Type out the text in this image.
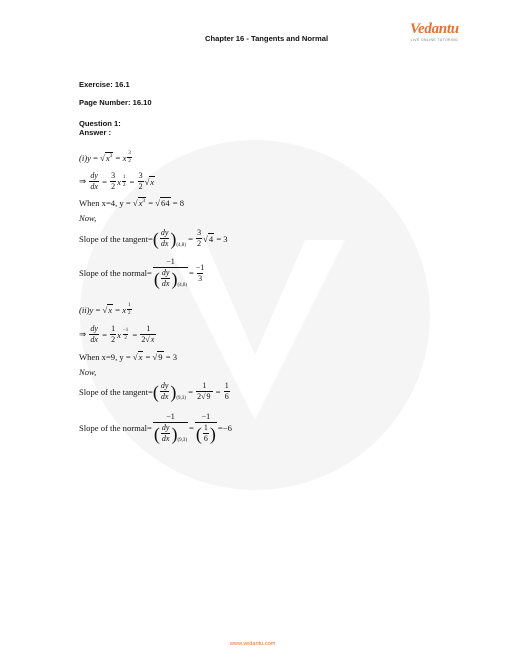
Chapter 16 - Tangents and Normal
Vedantu
LIVE ONLINE TUTORING
Exercise: 16.1
Page Number: 16.10
Question 1:
Answer :
(i) y = √ $x^3 = x \frac{3}{2}$
⇒
$\frac{dy}{dx} = \frac{3}{2}$ x $\frac{1}{2} = \frac{3}{2}$ √ x
When x=4, $y = √x^3 = √64 = 8$
Now,
Slope of the tangent= ( $\frac{dy}{dx}$ ) (4,8)
= $\frac{3}{2}$ √ 4
= 3
Slope of the normal= $\frac{-1}{( \frac{dy}{dx} ) (4,8)} = \frac{-1}{3}$
(ii) y = √ x = x $\frac{1}{2}$
⇒
$\frac{dy}{dx} = \frac{1}{2}$ x $\frac{-1}{2} = \frac{1}{2√x}$
When x=9, y = √x = √9 = 3
Now,
Slope of the tangent= ( $\frac{dy}{dx}$ ) (9,3)
= $\frac{1}{2√9} = \frac{1}{6}$
Slope of the normal= $\frac{-1}{( \frac{dy}{dx} ) (9,3)} = \frac{-1}{( \frac{1}{6} )} =-6$
www.vedantu.com
